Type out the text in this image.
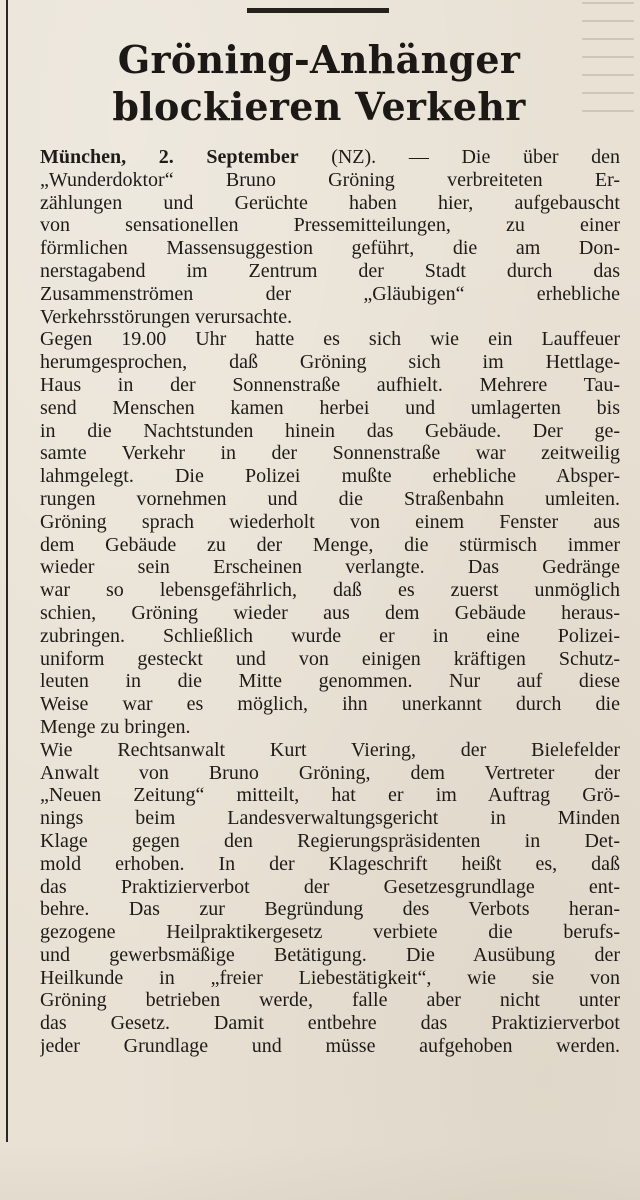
Gröning-Anhänger
blockieren Verkehr
München, 2. September (NZ). — Die über den
„Wunderdoktor“ Bruno Gröning verbreiteten Er-
zählungen und Gerüchte haben hier, aufgebauscht
von sensationellen Pressemitteilungen, zu einer
förmlichen Massensuggestion geführt, die am Don-
nerstagabend im Zentrum der Stadt durch das
Zusammenströmen der „Gläubigen“ erhebliche
Verkehrsstörungen verursachte.
Gegen 19.00 Uhr hatte es sich wie ein Lauffeuer
herumgesprochen, daß Gröning sich im Hettlage-
Haus in der Sonnenstraße aufhielt. Mehrere Tau-
send Menschen kamen herbei und umlagerten bis
in die Nachtstunden hinein das Gebäude. Der ge-
samte Verkehr in der Sonnenstraße war zeitweilig
lahmgelegt. Die Polizei mußte erhebliche Absper-
rungen vornehmen und die Straßenbahn umleiten.
Gröning sprach wiederholt von einem Fenster aus
dem Gebäude zu der Menge, die stürmisch immer
wieder sein Erscheinen verlangte. Das Gedränge
war so lebensgefährlich, daß es zuerst unmöglich
schien, Gröning wieder aus dem Gebäude heraus-
zubringen. Schließlich wurde er in eine Polizei-
uniform gesteckt und von einigen kräftigen Schutz-
leuten in die Mitte genommen. Nur auf diese
Weise war es möglich, ihn unerkannt durch die
Menge zu bringen.
Wie Rechtsanwalt Kurt Viering, der Bielefelder
Anwalt von Bruno Gröning, dem Vertreter der
„Neuen Zeitung“ mitteilt, hat er im Auftrag Grö-
nings beim Landesverwaltungsgericht in Minden
Klage gegen den Regierungspräsidenten in Det-
mold erhoben. In der Klageschrift heißt es, daß
das Praktizierverbot der Gesetzesgrundlage ent-
behre. Das zur Begründung des Verbots heran-
gezogene Heilpraktikergesetz verbiete die berufs-
und gewerbsmäßige Betätigung. Die Ausübung der
Heilkunde in „freier Liebestätigkeit“, wie sie von
Gröning betrieben werde, falle aber nicht unter
das Gesetz. Damit entbehre das Praktizierverbot
jeder Grundlage und müsse aufgehoben werden.
